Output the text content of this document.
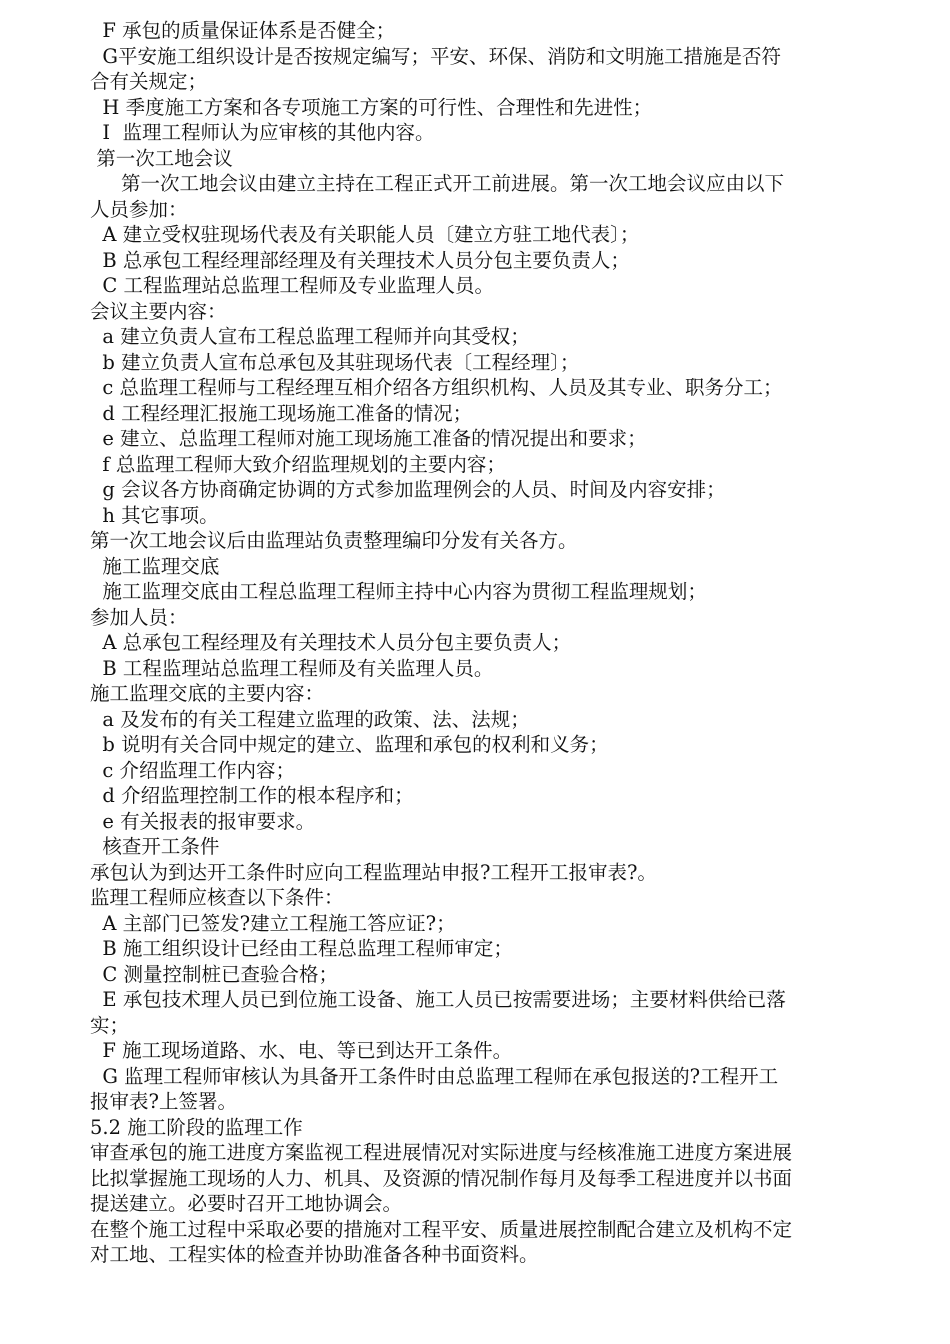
F 承包的质量保证体系是否健全；

G平安施工组织设计是否按规定编写；平安、环保、消防和文明施工措施是否符

合有关规定；

H 季度施工方案和各专项施工方案的可行性、合理性和先进性；

I  监理工程师认为应审核的其他内容。

第一次工地会议

第一次工地会议由建立主持在工程正式开工前进展。第一次工地会议应由以下

人员参加：

A 建立受权驻现场代表及有关职能人员〔建立方驻工地代表〕；

B 总承包工程经理部经理及有关理技术人员分包主要负责人；

C 工程监理站总监理工程师及专业监理人员。

会议主要内容：

a 建立负责人宣布工程总监理工程师并向其受权；

b 建立负责人宣布总承包及其驻现场代表〔工程经理〕；

c 总监理工程师与工程经理互相介绍各方组织机构、人员及其专业、职务分工；

d 工程经理汇报施工现场施工准备的情况；

e 建立、总监理工程师对施工现场施工准备的情况提出和要求；

f 总监理工程师大致介绍监理规划的主要内容；

g 会议各方协商确定协调的方式参加监理例会的人员、时间及内容安排；

h 其它事项。

第一次工地会议后由监理站负责整理编印分发有关各方。

施工监理交底

施工监理交底由工程总监理工程师主持中心内容为贯彻工程监理规划；

参加人员：

A 总承包工程经理及有关理技术人员分包主要负责人；

B 工程监理站总监理工程师及有关监理人员。

施工监理交底的主要内容：

a 及发布的有关工程建立监理的政策、法、法规；

b 说明有关合同中规定的建立、监理和承包的权利和义务；

c 介绍监理工作内容；

d 介绍监理控制工作的根本程序和；

e 有关报表的报审要求。

核查开工条件

承包认为到达开工条件时应向工程监理站申报?工程开工报审表?。

监理工程师应核查以下条件：

A 主部门已签发?建立工程施工答应证?；

B 施工组织设计已经由工程总监理工程师审定；

C 测量控制桩已查验合格；

E 承包技术理人员已到位施工设备、施工人员已按需要进场；主要材料供给已落

实；

F 施工现场道路、水、电、等已到达开工条件。

G 监理工程师审核认为具备开工条件时由总监理工程师在承包报送的?工程开工

报审表?上签署。

5.2 施工阶段的监理工作

审查承包的施工进度方案监视工程进展情况对实际进度与经核准施工进度方案进展

比拟掌握施工现场的人力、机具、及资源的情况制作每月及每季工程进度并以书面

提送建立。必要时召开工地协调会。

在整个施工过程中采取必要的措施对工程平安、质量进展控制配合建立及机构不定

对工地、工程实体的检查并协助准备各种书面资料。
